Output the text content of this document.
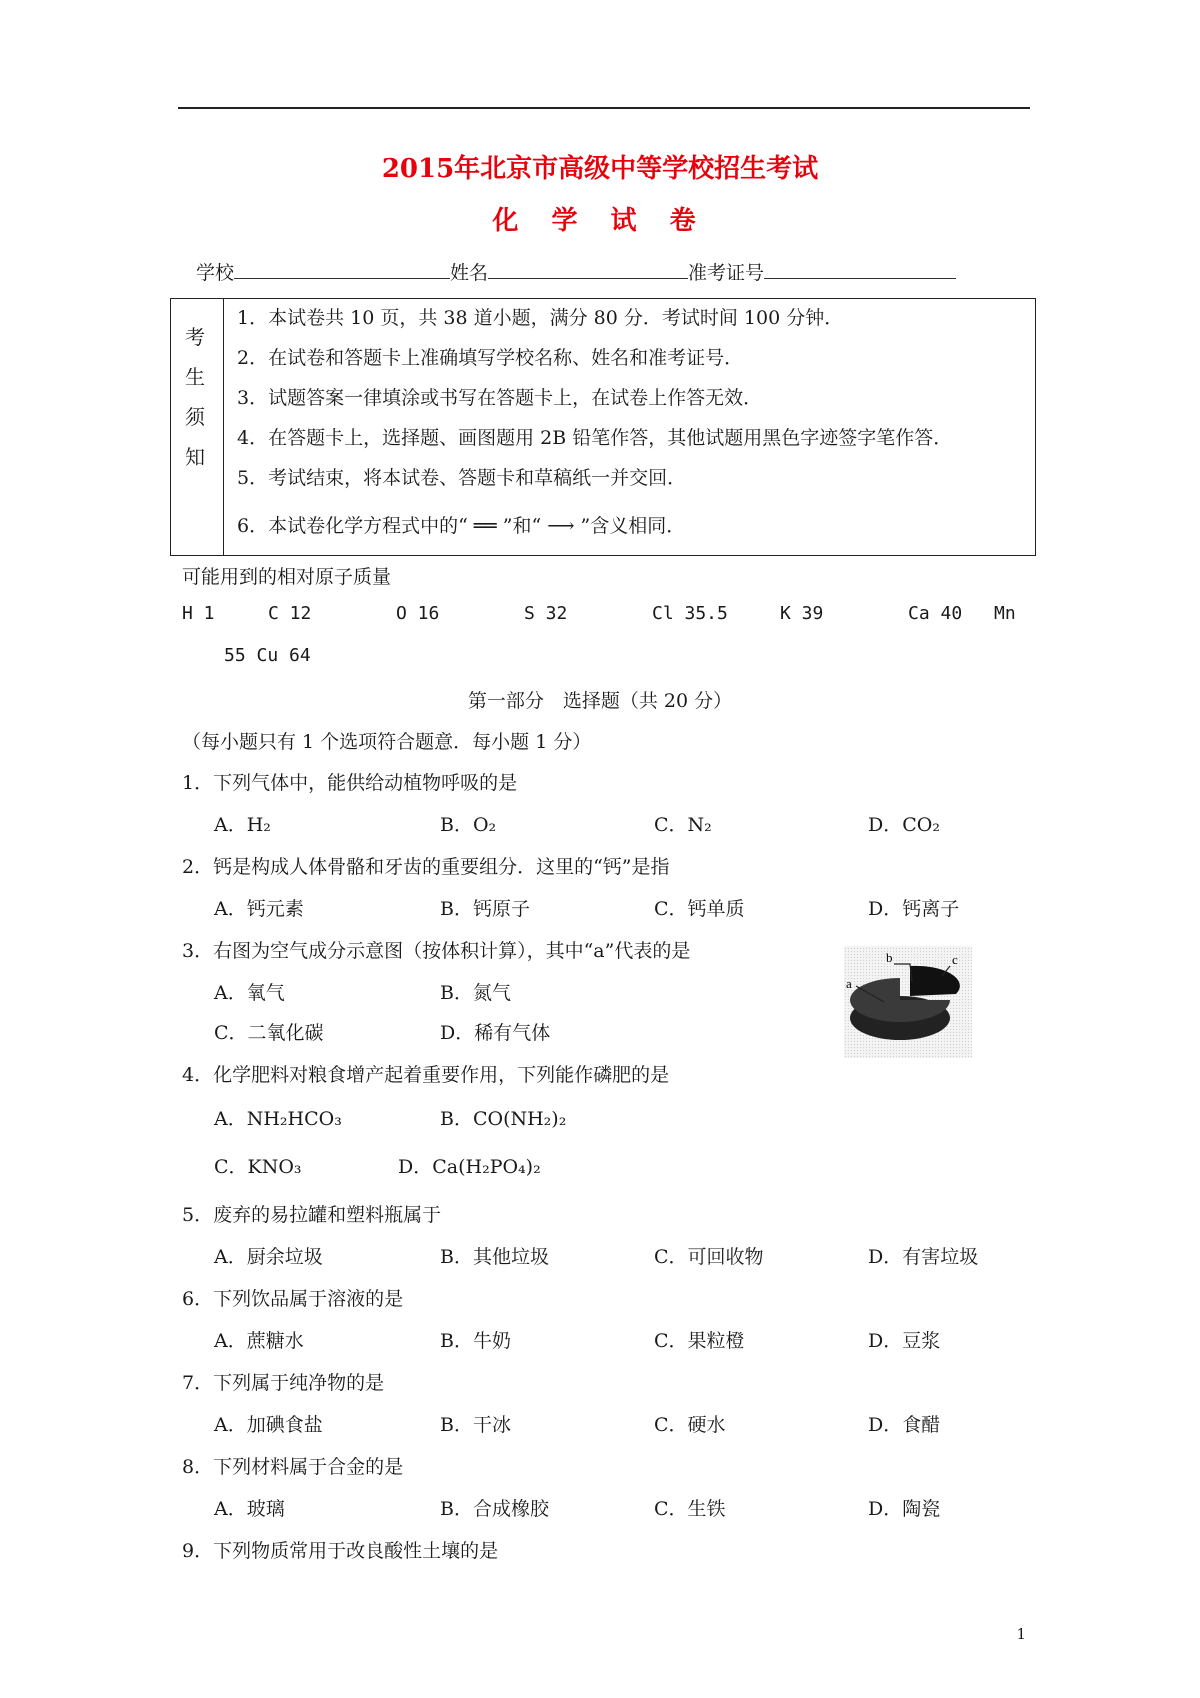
2015年北京市高级中等学校招生考试
化 学 试 卷
学校	姓名	准考证号
考
生
须
知
1．本试卷共 10 页，共 38 道小题，满分 80 分．考试时间 100 分钟．
2．在试卷和答题卡上准确填写学校名称、姓名和准考证号．
3．试题答案一律填涂或书写在答题卡上，在试卷上作答无效．
4．在答题卡上，选择题、画图题用 2B 铅笔作答，其他试题用黑色字迹签字笔作答．
5．考试结束，将本试卷、答题卡和草稿纸一并交回．
6．本试卷化学方程式中的“ ══ ”和“ ⟶ ”含义相同．
可能用到的相对原子质量
H 1	C 12	O 16	S 32	Cl 35.5	K 39	Ca 40 Mn
55 Cu 64
第一部分　选择题（共 20 分）
（每小题只有 1 个选项符合题意．每小题 1 分）
1．下列气体中，能供给动植物呼吸的是
A．H₂	B．O₂	C．N₂	D．CO₂
2．钙是构成人体骨骼和牙齿的重要组分．这里的“钙”是指
A．钙元素	B．钙原子	C．钙单质	D．钙离子
3．右图为空气成分示意图（按体积计算），其中“a”代表的是
A．氧气	B．氮气
C．二氧化碳	D．稀有气体
a
b	c
4．化学肥料对粮食增产起着重要作用，下列能作磷肥的是
A．NH₂HCO₃	B．CO(NH₂)₂
C．KNO₃	D．Ca(H₂PO₄)₂
5．废弃的易拉罐和塑料瓶属于
A．厨余垃圾	B．其他垃圾	C．可回收物	D．有害垃圾
6．下列饮品属于溶液的是
A．蔗糖水	B．牛奶	C．果粒橙	D．豆浆
7．下列属于纯净物的是
A．加碘食盐	B．干冰	C．硬水	D．食醋
8．下列材料属于合金的是
A．玻璃	B．合成橡胶	C．生铁	D．陶瓷
9．下列物质常用于改良酸性土壤的是
1
